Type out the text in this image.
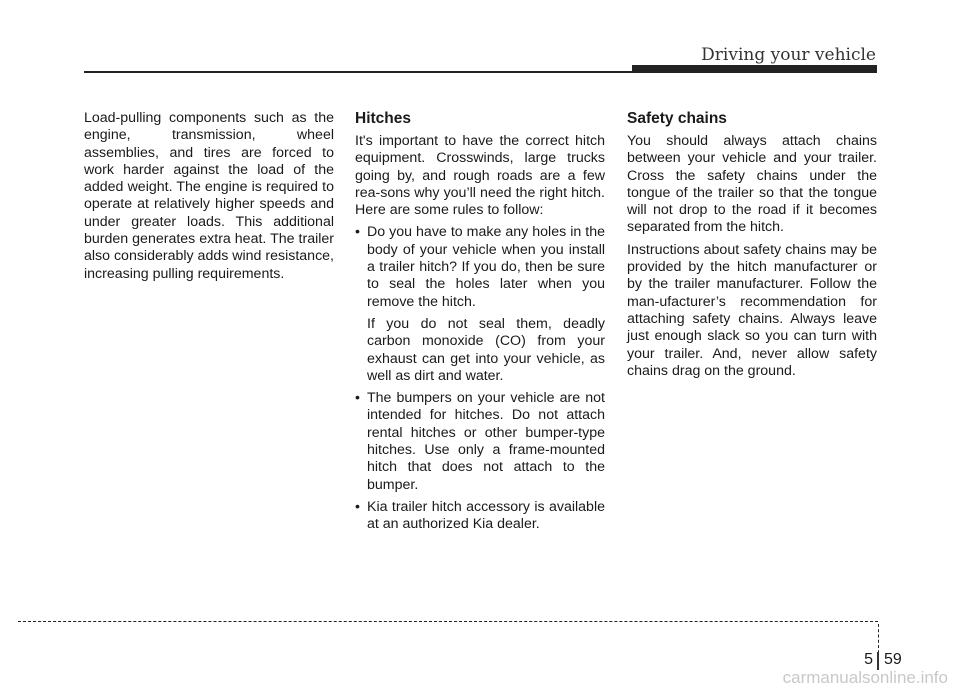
Driving your vehicle

Load-pulling components such as the engine, transmission, wheel assemblies, and tires are forced to work harder against the load of the added weight. The engine is required to operate at relatively higher speeds and under greater loads. This additional burden generates extra heat. The trailer also considerably adds wind resistance, increasing pulling requirements.

Hitches

It's important to have the correct hitch equipment. Crosswinds, large trucks going by, and rough roads are a few rea-sons why you’ll need the right hitch. Here are some rules to follow:

• Do you have to make any holes in the body of your vehicle when you install a trailer hitch? If you do, then be sure to seal the holes later when you remove the hitch.
If you do not seal them, deadly carbon monoxide (CO) from your exhaust can get into your vehicle, as well as dirt and water.
• The bumpers on your vehicle are not intended for hitches. Do not attach rental hitches or other bumper-type hitches. Use only a frame-mounted hitch that does not attach to the bumper.
• Kia trailer hitch accessory is available at an authorized Kia dealer.
Safety chains

You should always attach chains between your vehicle and your trailer. Cross the safety chains under the tongue of the trailer so that the tongue will not drop to the road if it becomes separated from the hitch.

Instructions about safety chains may be provided by the hitch manufacturer or by the trailer manufacturer. Follow the man-ufacturer’s recommendation for attaching safety chains. Always leave just enough slack so you can turn with your trailer. And, never allow safety chains drag on the ground.

5 59
carmanualsonline.info
